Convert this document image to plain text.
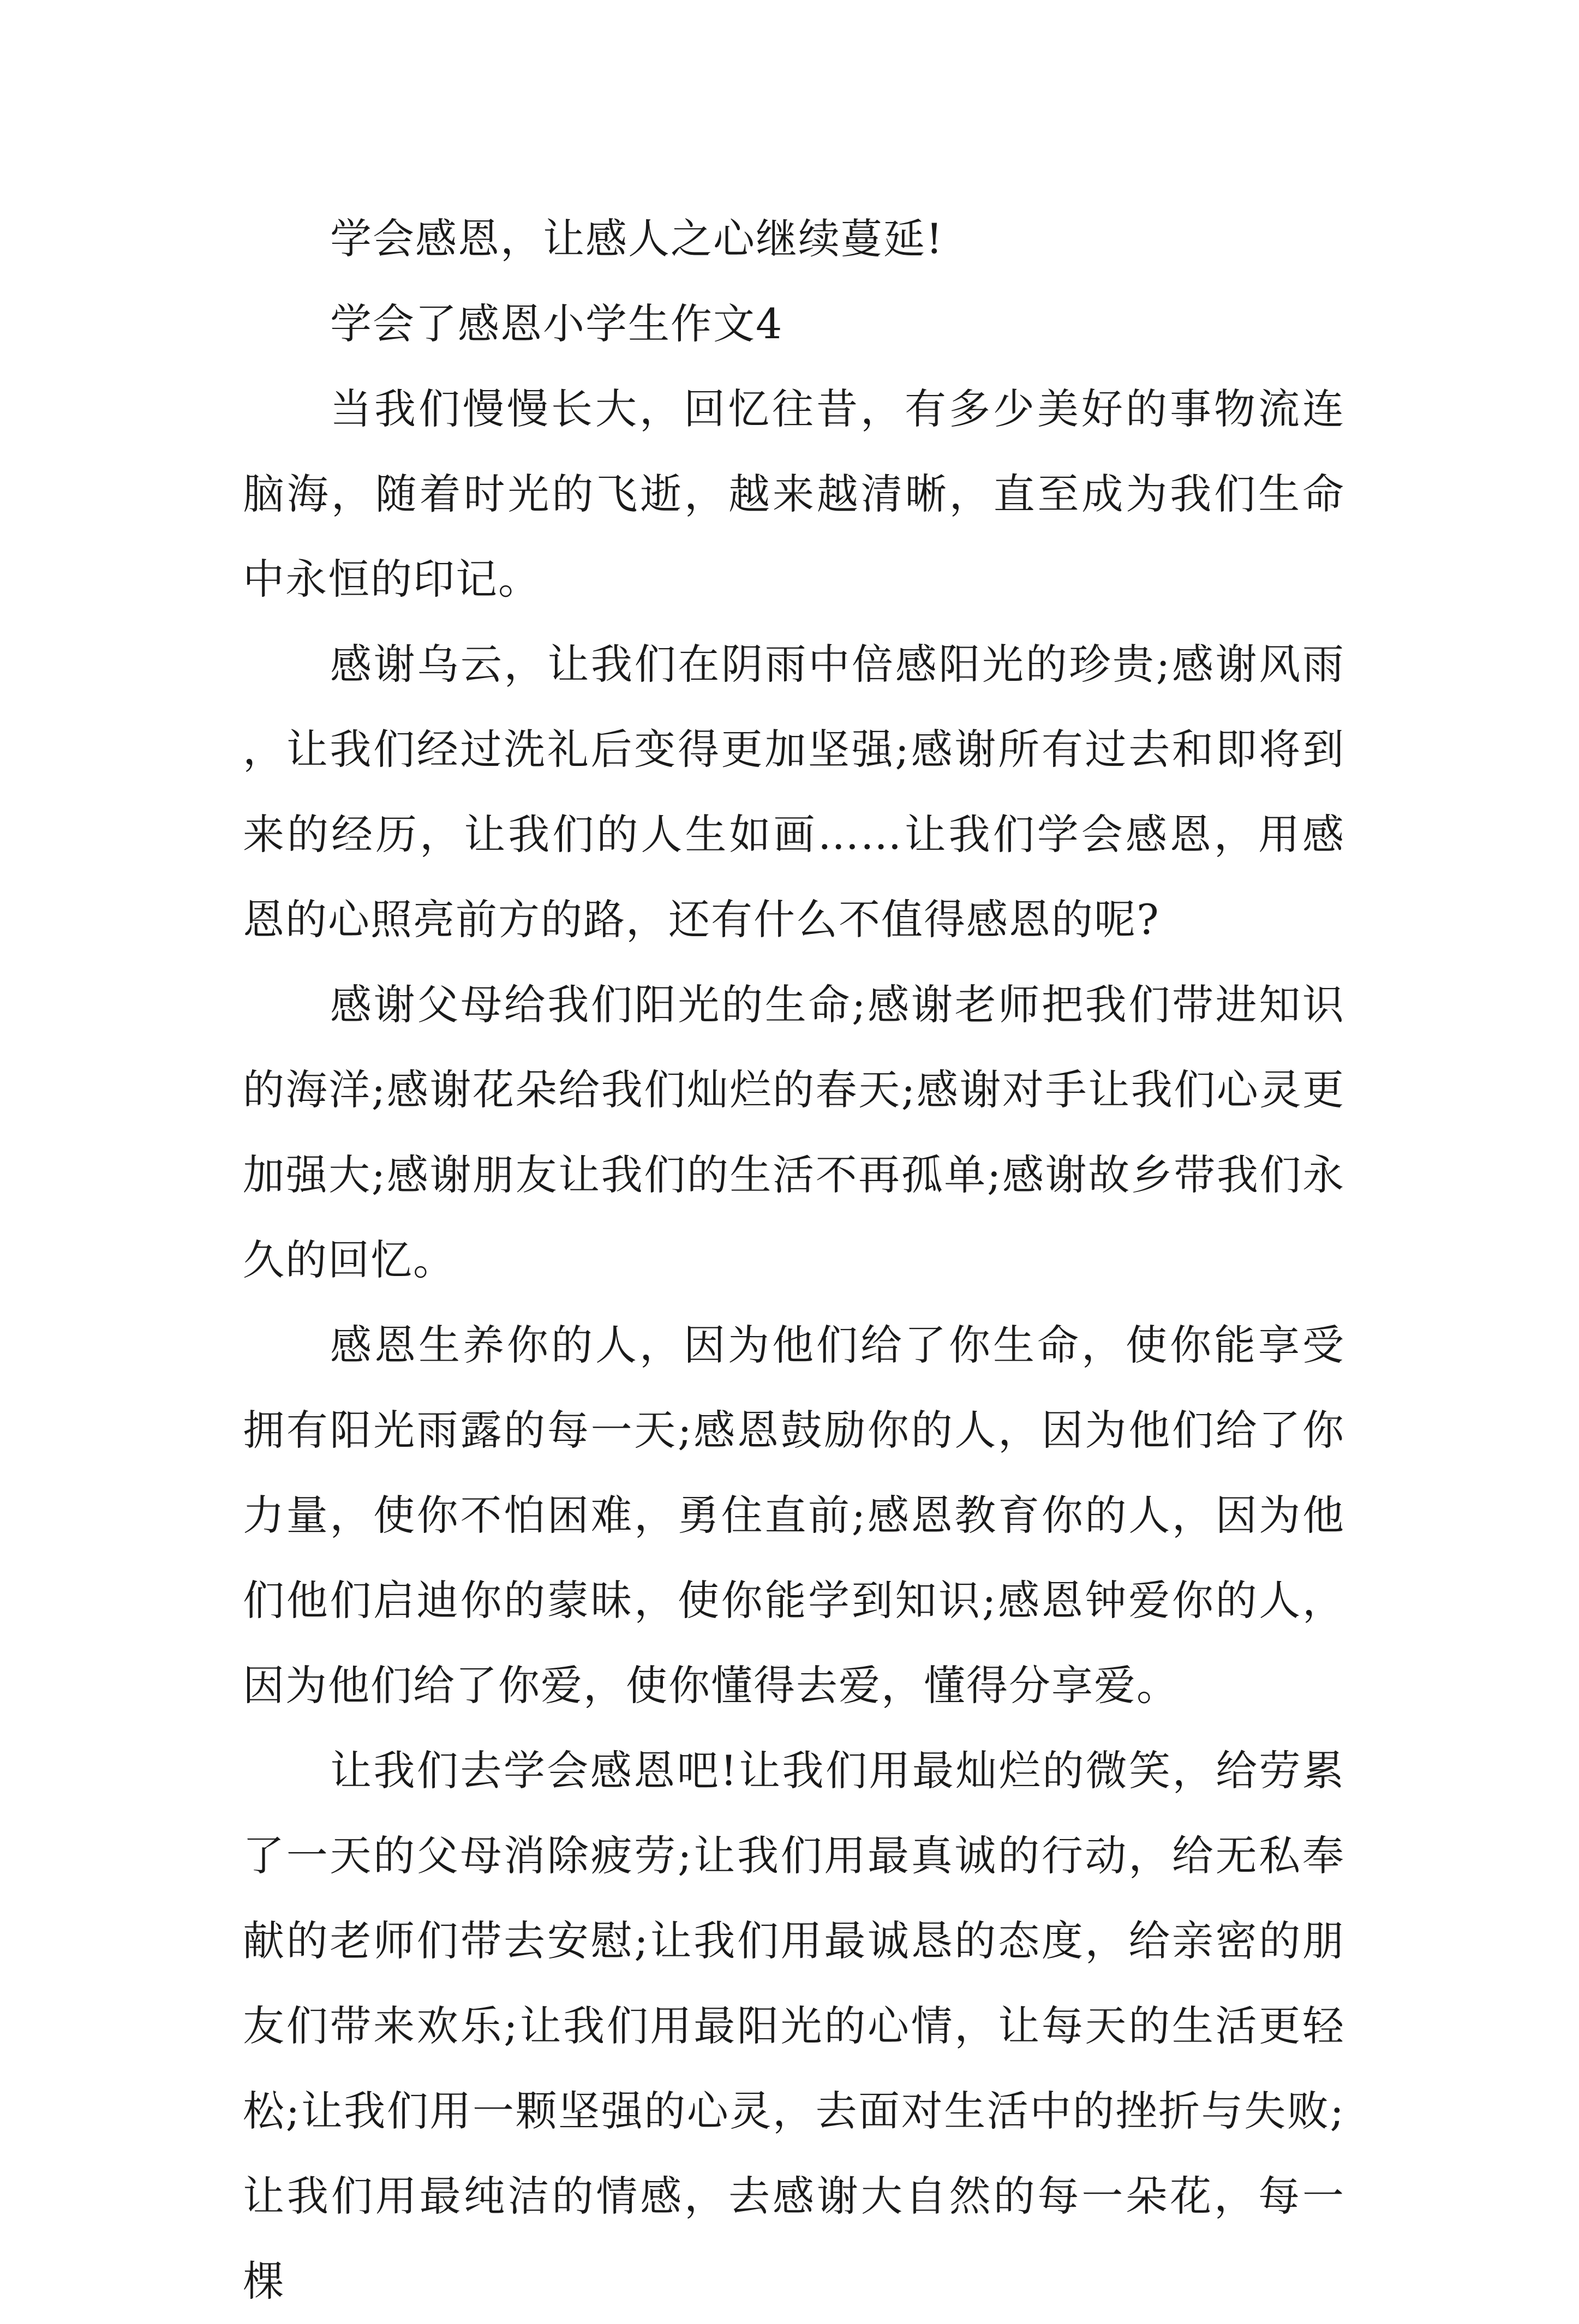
学会感恩，让感人之心继续蔓延!

学会了感恩小学生作文4

当我们慢慢长大，回忆往昔，有多少美好的事物流连脑海，随着时光的飞逝，越来越清晰，直至成为我们生命中永恒的印记。

感谢乌云，让我们在阴雨中倍感阳光的珍贵;感谢风雨，让我们经过洗礼后变得更加坚强;感谢所有过去和即将到来的经历，让我们的人生如画……让我们学会感恩，用感恩的心照亮前方的路，还有什么不值得感恩的呢?

感谢父母给我们阳光的生命;感谢老师把我们带进知识的海洋;感谢花朵给我们灿烂的春天;感谢对手让我们心灵更加强大;感谢朋友让我们的生活不再孤单;感谢故乡带我们永久的回忆。

感恩生养你的人，因为他们给了你生命，使你能享受拥有阳光雨露的每一天;感恩鼓励你的人，因为他们给了你力量，使你不怕困难，勇住直前;感恩教育你的人，因为他们他们启迪你的蒙昧，使你能学到知识;感恩钟爱你的人，因为他们给了你爱，使你懂得去爱，懂得分享爱。

让我们去学会感恩吧!让我们用最灿烂的微笑，给劳累了一天的父母消除疲劳;让我们用最真诚的行动，给无私奉献的老师们带去安慰;让我们用最诚恳的态度，给亲密的朋友们带来欢乐;让我们用最阳光的心情，让每天的生活更轻松;让我们用一颗坚强的心灵，去面对生活中的挫折与失败;让我们用最纯洁的情感，去感谢大自然的每一朵花，每一棵
